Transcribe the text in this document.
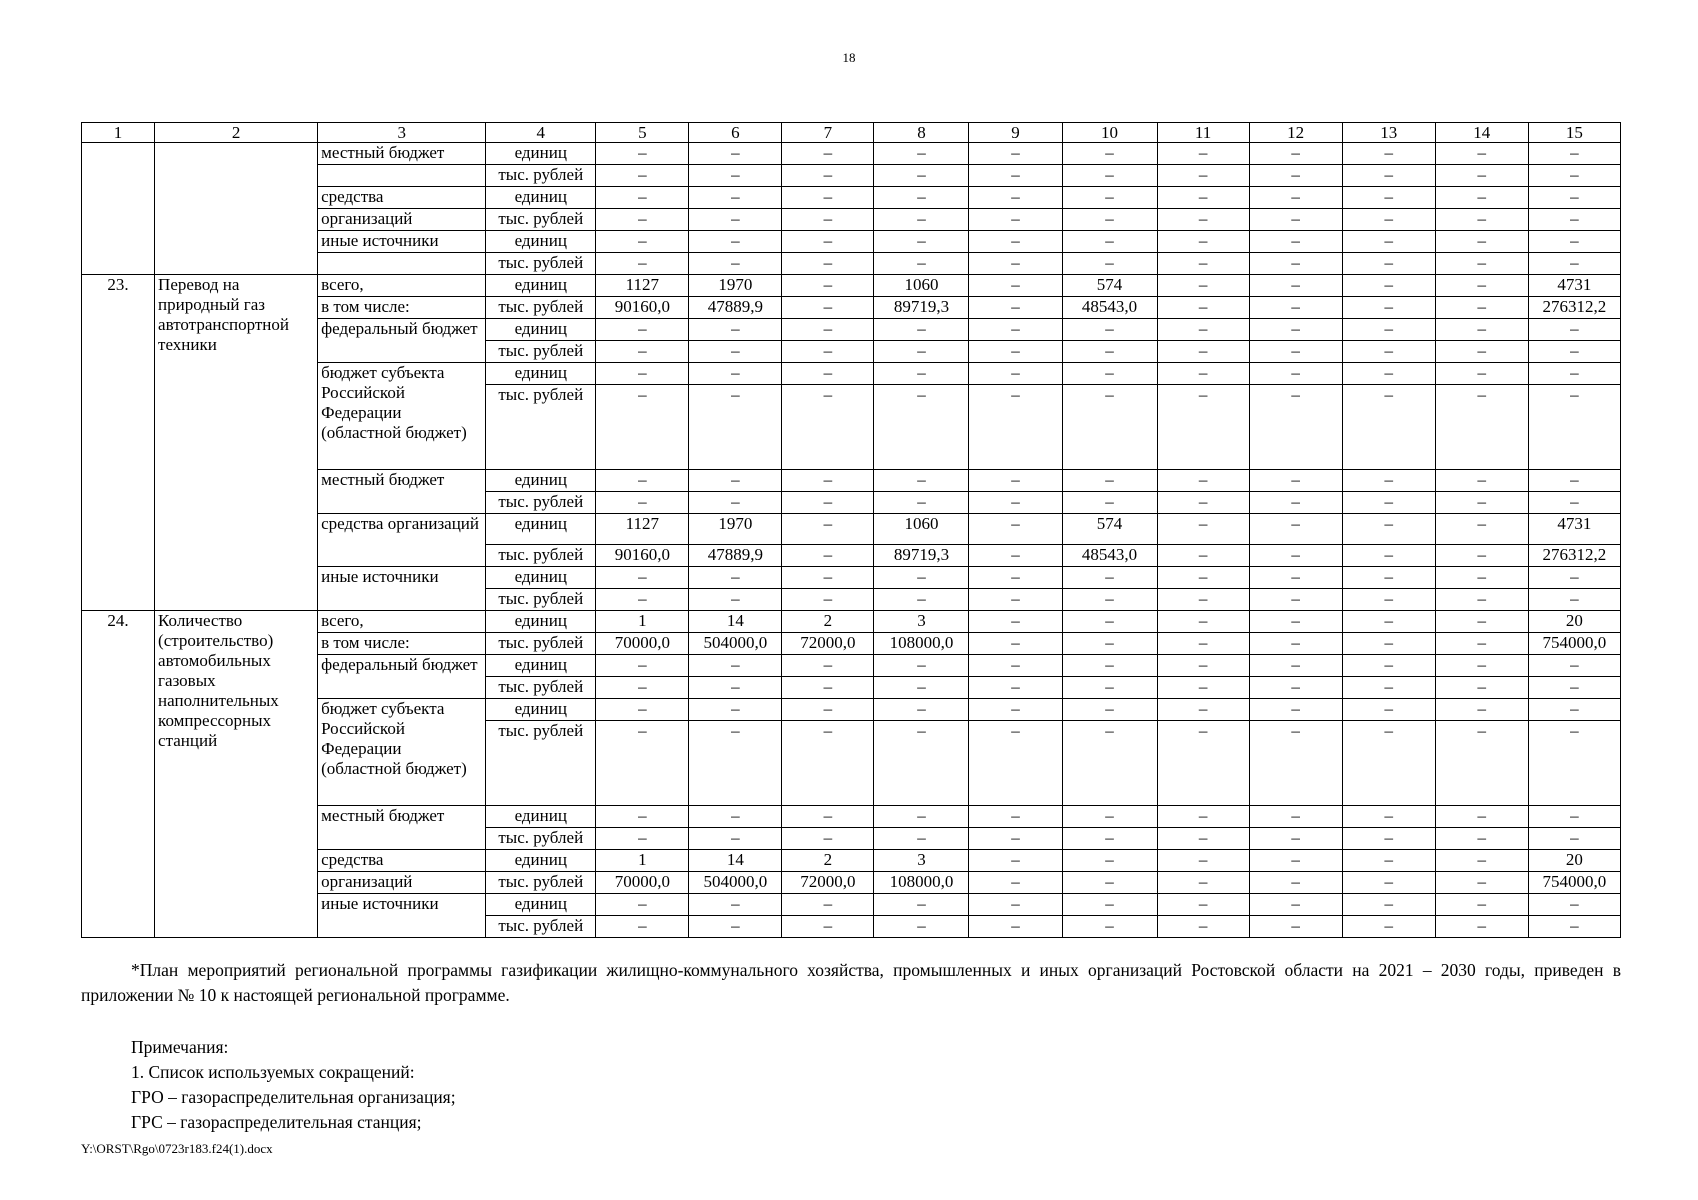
18
1	2	3	4	5	6	7	8	9	10	11	12	13	14	15
		местный бюджет	единиц	–	–	–	–	–	–	–	–	–	–	–
			тыс. рублей	–	–	–	–	–	–	–	–	–	–	–
		средства	единиц	–	–	–	–	–	–	–	–	–	–	–
		организаций	тыс. рублей	–	–	–	–	–	–	–	–	–	–	–
		иные источники	единиц	–	–	–	–	–	–	–	–	–	–	–
			тыс. рублей	–	–	–	–	–	–	–	–	–	–	–
23.	Перевод на природный газ автотранспортной техники	всего,	единиц	1127	1970	–	1060	–	574	–	–	–	–	4731
		в том числе:	тыс. рублей	90160,0	47889,9	–	89719,3	–	48543,0	–	–	–	–	276312,2
		федеральный бюджет	единиц	–	–	–	–	–	–	–	–	–	–	–
			тыс. рублей	–	–	–	–	–	–	–	–	–	–	–
		бюджет субъекта Российской Федерации (областной бюджет)	единиц	–	–	–	–	–	–	–	–	–	–	–
			тыс. рублей	–	–	–	–	–	–	–	–	–	–	–
		местный бюджет	единиц	–	–	–	–	–	–	–	–	–	–	–
			тыс. рублей	–	–	–	–	–	–	–	–	–	–	–
		средства организаций	единиц	1127	1970	–	1060	–	574	–	–	–	–	4731
			тыс. рублей	90160,0	47889,9	–	89719,3	–	48543,0	–	–	–	–	276312,2
		иные источники	единиц	–	–	–	–	–	–	–	–	–	–	–
			тыс. рублей	–	–	–	–	–	–	–	–	–	–	–
24.	Количество (строительство) автомобильных газовых наполнительных компрессорных станций	всего,	единиц	1	14	2	3	–	–	–	–	–	–	20
		в том числе:	тыс. рублей	70000,0	504000,0	72000,0	108000,0	–	–	–	–	–	–	754000,0
		федеральный бюджет	единиц	–	–	–	–	–	–	–	–	–	–	–
			тыс. рублей	–	–	–	–	–	–	–	–	–	–	–
		бюджет субъекта Российской Федерации (областной бюджет)	единиц	–	–	–	–	–	–	–	–	–	–	–
			тыс. рублей	–	–	–	–	–	–	–	–	–	–	–
		местный бюджет	единиц	–	–	–	–	–	–	–	–	–	–	–
			тыс. рублей	–	–	–	–	–	–	–	–	–	–	–
		средства	единиц	1	14	2	3	–	–	–	–	–	–	20
		организаций	тыс. рублей	70000,0	504000,0	72000,0	108000,0	–	–	–	–	–	–	754000,0
		иные источники	единиц	–	–	–	–	–	–	–	–	–	–	–
			тыс. рублей	–	–	–	–	–	–	–	–	–	–	–
*План мероприятий региональной программы газификации жилищно-коммунального хозяйства, промышленных и иных организаций Ростовской области на 2021 – 2030 годы, приведен в приложении № 10 к настоящей региональной программе.
Примечания:
1. Список используемых сокращений:
ГРО – газораспределительная организация;
ГРС – газораспределительная станция;
Y:\ORST\Rgo\0723r183.f24(1).docx
